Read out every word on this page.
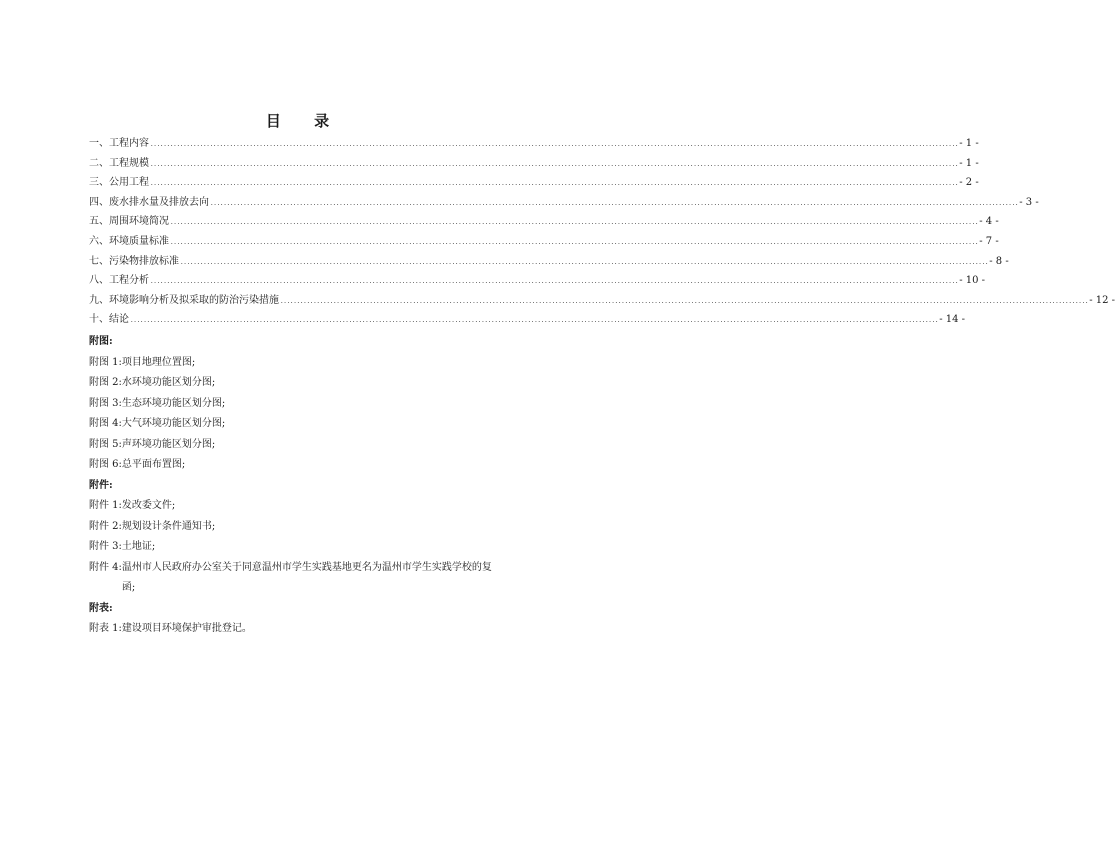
目 录
一、工程内容 .................................................................................................................................................................................................................................................... - 1 -
二、工程规模 .................................................................................................................................................................................................................................................... - 1 -
三、公用工程 .................................................................................................................................................................................................................................................... - 2 -
四、废水排水量及排放去向 .................................................................................................................................................................................................................................................... - 3 -
五、周围环境简况 .................................................................................................................................................................................................................................................... - 4 -
六、环境质量标准 .................................................................................................................................................................................................................................................... - 7 -
七、污染物排放标准 .................................................................................................................................................................................................................................................... - 8 -
八、工程分析 .................................................................................................................................................................................................................................................... - 10 -
九、环境影响分析及拟采取的防治污染措施 .................................................................................................................................................................................................................................................... - 12 -
十、结论 .................................................................................................................................................................................................................................................... - 14 -
附图:
附图 1: 项目地理位置图;
附图 2: 水环境功能区划分图;
附图 3: 生态环境功能区划分图;
附图 4: 大气环境功能区划分图;
附图 5: 声环境功能区划分图;
附图 6: 总平面布置图;
附件:
附件 1: 发改委文件;
附件 2: 规划设计条件通知书;
附件 3: 土地证;
附件 4: 温州市人民政府办公室关于同意温州市学生实践基地更名为温州市学生实践学校的复函;
附表:
附表 1: 建设项目环境保护审批登记。
